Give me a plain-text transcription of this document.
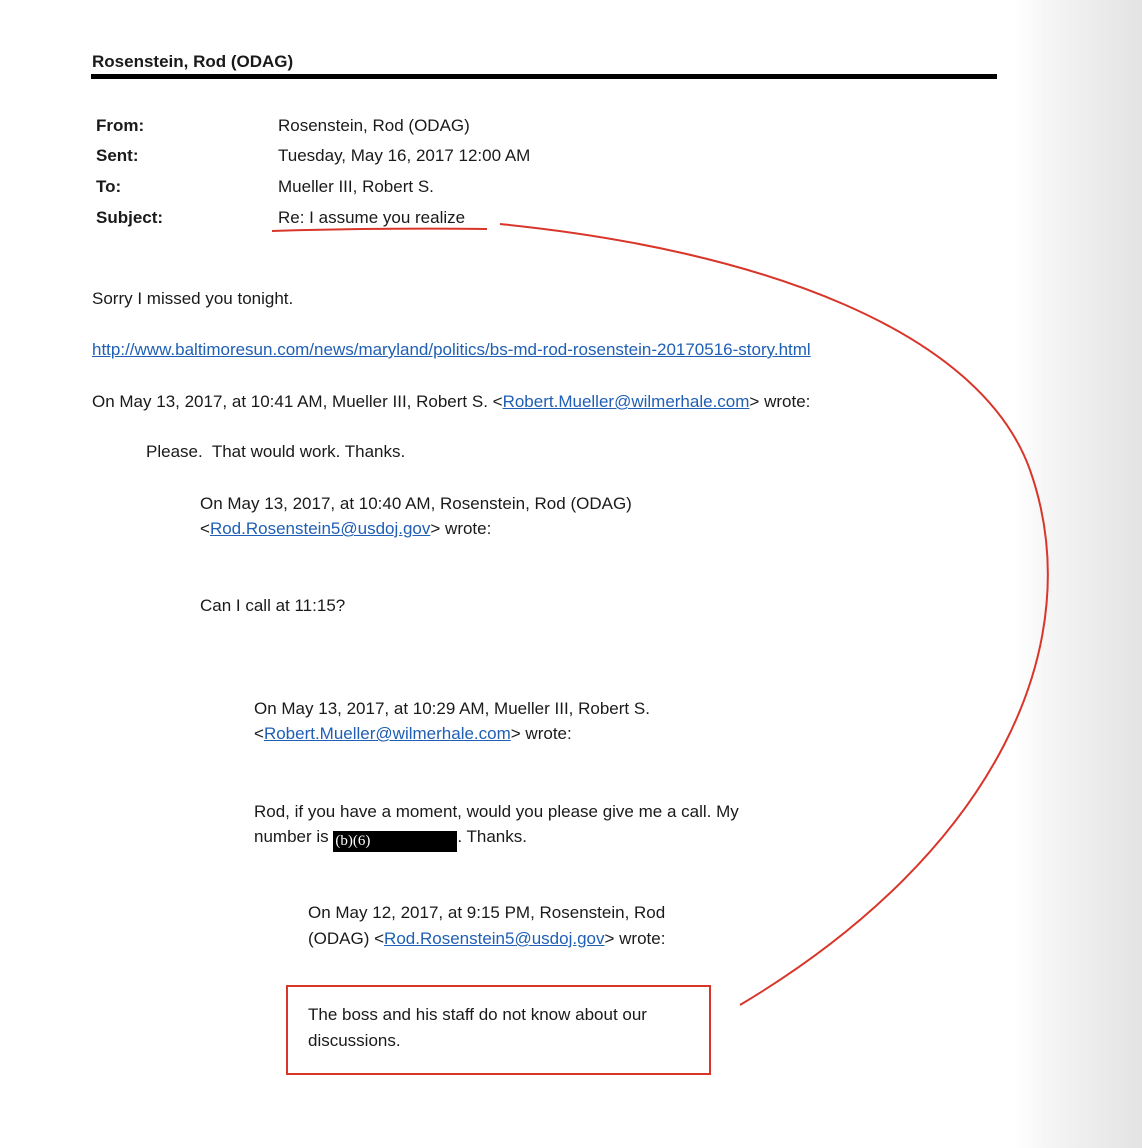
Rosenstein, Rod (ODAG)
From:	Rosenstein, Rod (ODAG)
Sent:	Tuesday, May 16, 2017 12:00 AM
To:	Mueller III, Robert S.
Subject:	Re: I assume you realize
Sorry I missed you tonight.
http://www.baltimoresun.com/news/maryland/politics/bs-md-rod-rosenstein-20170516-story.html
On May 13, 2017, at 10:41 AM, Mueller III, Robert S. <Robert.Mueller@wilmerhale.com> wrote:
Please.  That would work. Thanks.
On May 13, 2017, at 10:40 AM, Rosenstein, Rod (ODAG)
<Rod.Rosenstein5@usdoj.gov> wrote:
Can I call at 11:15?
On May 13, 2017, at 10:29 AM, Mueller III, Robert S.
<Robert.Mueller@wilmerhale.com> wrote:
Rod, if you have a moment, would you please give me a call. My
number is (b)(6)	. Thanks.
On May 12, 2017, at 9:15 PM, Rosenstein, Rod
(ODAG) <Rod.Rosenstein5@usdoj.gov> wrote:
The boss and his staff do not know about our
discussions.
